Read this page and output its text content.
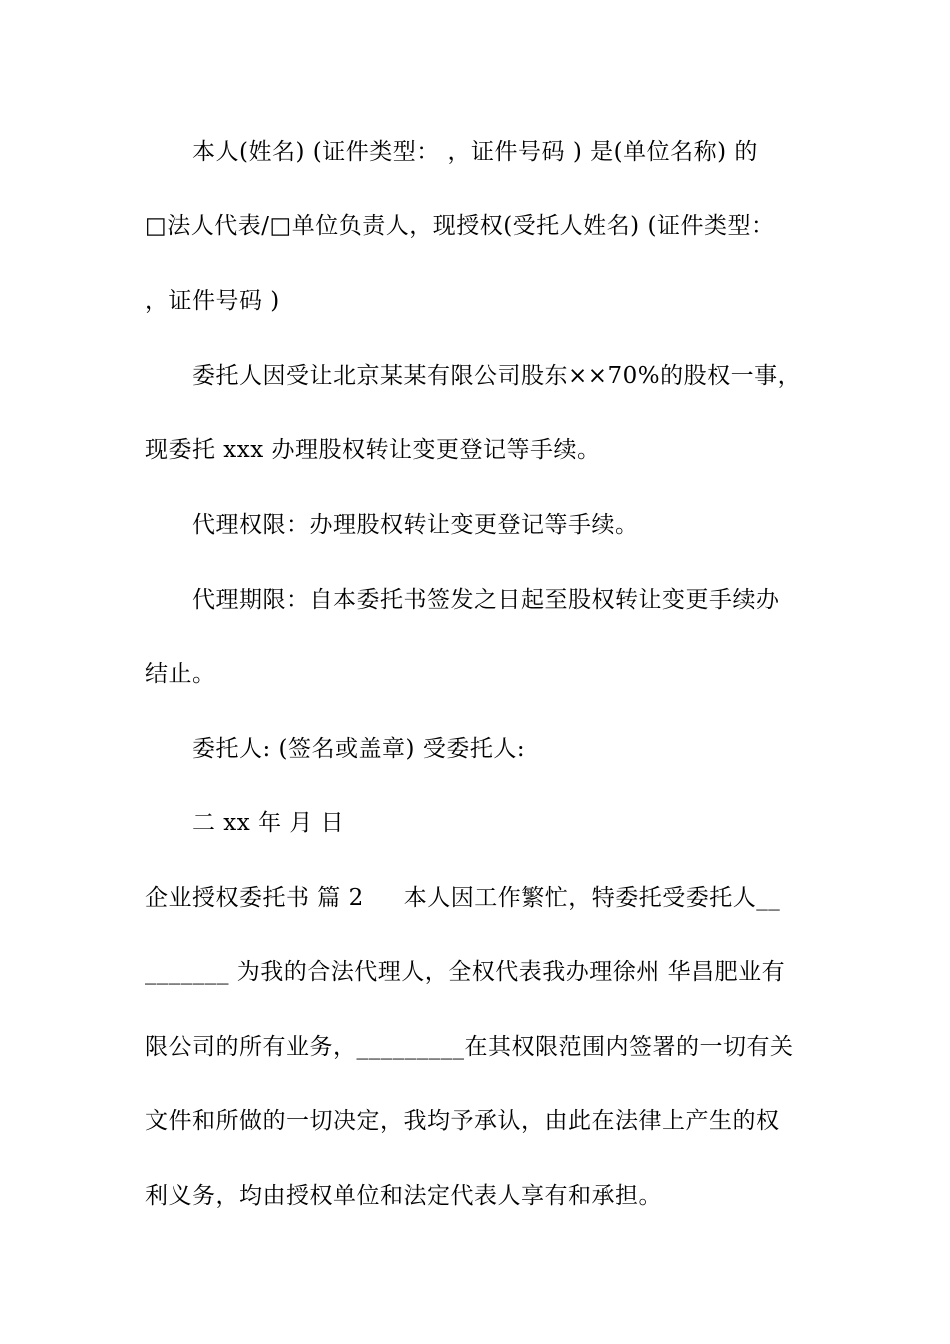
本人(姓名) (证件类型： ，证件号码 ) 是(单位名称) 的
□法人代表/□单位负责人，现授权(受托人姓名) (证件类型：
，证件号码 )
委托人因受让北京某某有限公司股东××70%的股权一事，
现委托 xxx 办理股权转让变更登记等手续。
代理权限：办理股权转让变更登记等手续。
代理期限：自本委托书签发之日起至股权转让变更手续办
结止。
委托人: (签名或盖章) 受委托人:
二 xx 年 月 日
企业授权委托书 篇 2 本人因工作繁忙，特委托受委托人__
_______ 为我的合法代理人，全权代表我办理徐州 华昌肥业有
限公司的所有业务，_________在其权限范围内签署的一切有关
文件和所做的一切决定，我均予承认，由此在法律上产生的权
利义务，均由授权单位和法定代表人享有和承担。
